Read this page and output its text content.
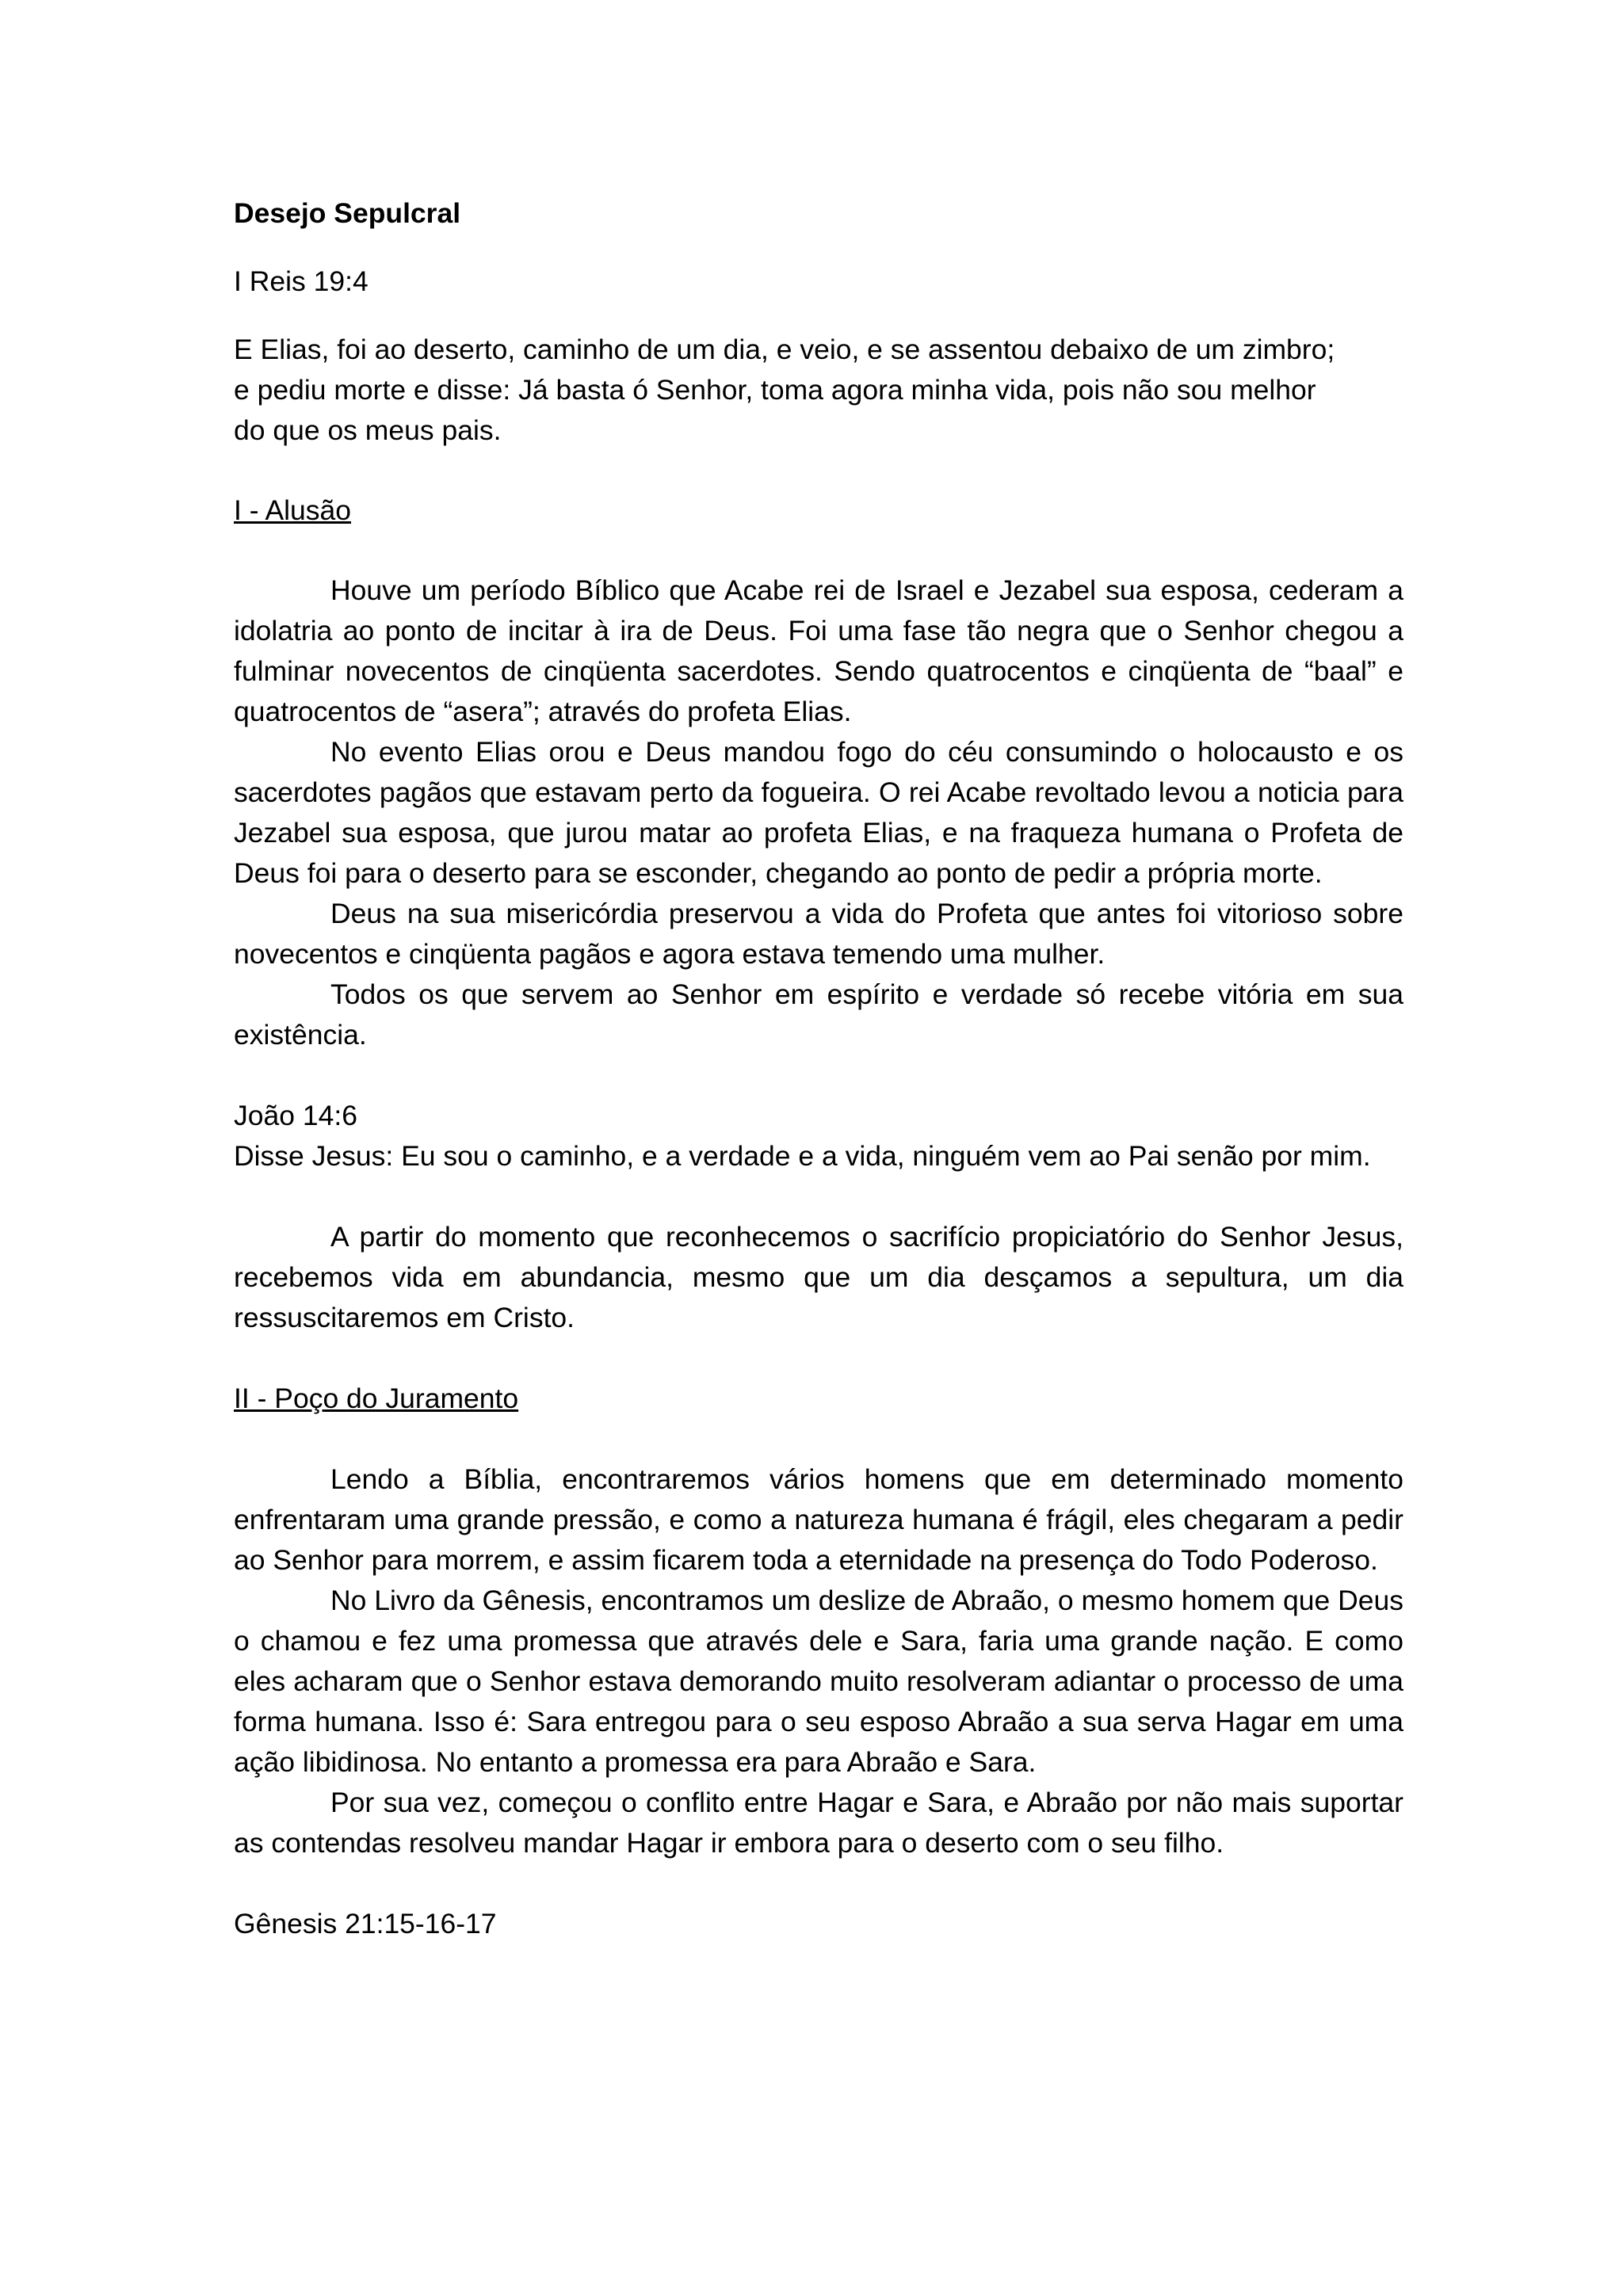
Desejo Sepulcral

I Reis 19:4

E Elias, foi ao deserto, caminho de um dia, e veio, e se assentou debaixo de um zimbro;
e pediu morte e disse: Já basta ó Senhor, toma agora minha vida, pois não sou melhor
do que os meus pais.

I - Alusão

Houve um período Bíblico que Acabe rei de Israel e Jezabel sua esposa, cederam a idolatria ao ponto de incitar à ira de Deus. Foi uma fase tão negra que o Senhor chegou a fulminar novecentos de cinqüenta sacerdotes. Sendo quatrocentos e cinqüenta de “baal” e quatrocentos de “asera”; através do profeta Elias.

No evento Elias orou e Deus mandou fogo do céu consumindo o holocausto e os sacerdotes pagãos que estavam perto da fogueira. O rei Acabe revoltado levou a noticia para Jezabel sua esposa, que jurou matar ao profeta Elias, e na fraqueza humana o Profeta de Deus foi para o deserto para se esconder, chegando ao ponto de pedir a própria morte.

Deus na sua misericórdia preservou a vida do Profeta que antes foi vitorioso sobre novecentos e cinqüenta pagãos e agora estava temendo uma mulher.

Todos os que servem ao Senhor em espírito e verdade só recebe vitória em sua existência.

João 14:6

Disse Jesus: Eu sou o caminho, e a verdade e a vida, ninguém vem ao Pai senão por mim.

A partir do momento que reconhecemos o sacrifício propiciatório do Senhor Jesus, recebemos vida em abundancia, mesmo que um dia desçamos a sepultura, um dia ressuscitaremos em Cristo.

II - Poço do Juramento

Lendo a Bíblia, encontraremos vários homens que em determinado momento enfrentaram uma grande pressão, e como a natureza humana é frágil, eles chegaram a pedir ao Senhor para morrem, e assim ficarem toda a eternidade na presença do Todo Poderoso.

No Livro da Gênesis, encontramos um deslize de Abraão, o mesmo homem que Deus o chamou e fez uma promessa que através dele e Sara, faria uma grande nação. E como eles acharam que o Senhor estava demorando muito resolveram adiantar o processo de uma forma humana. Isso é: Sara entregou para o seu esposo Abraão a sua serva Hagar em uma ação libidinosa. No entanto a promessa era para Abraão e Sara.

Por sua vez, começou o conflito entre Hagar e Sara, e Abraão por não mais suportar as contendas resolveu mandar Hagar ir embora para o deserto com o seu filho.

Gênesis 21:15-16-17
